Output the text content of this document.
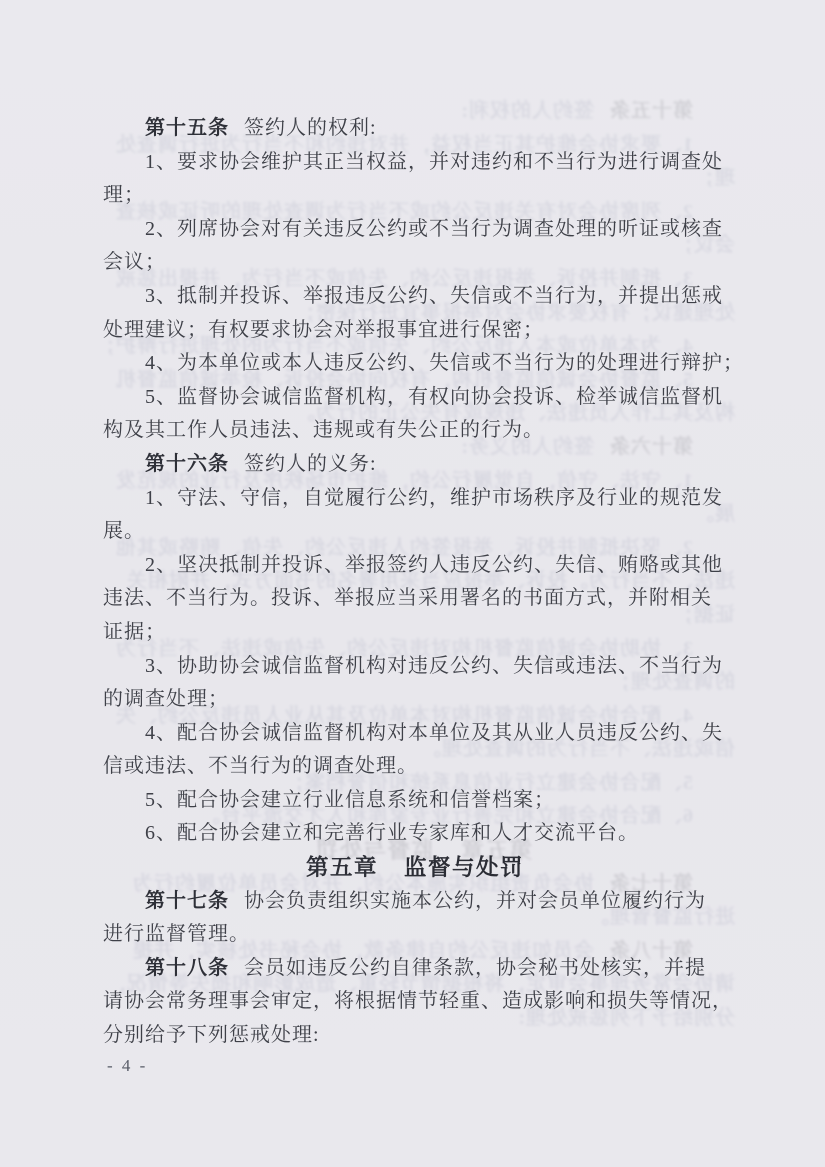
第十五条签约人的权利:
1、要求协会维护其正当权益，并对违约和不当行为进行调查处
理；
2、列席协会对有关违反公约或不当行为调查处理的听证或核查
会议；
3、抵制并投诉、举报违反公约、失信或不当行为，并提出惩戒
处理建议；有权要求协会对举报事宜进行保密；
4、为本单位或本人违反公约、失信或不当行为的处理进行辩护；
5、监督协会诚信监督机构，有权向协会投诉、检举诚信监督机
构及其工作人员违法、违规或有失公正的行为。
第十六条签约人的义务:
1、守法、守信，自觉履行公约，维护市场秩序及行业的规范发
展。
2、坚决抵制并投诉、举报签约人违反公约、失信、贿赂或其他
违法、不当行为。投诉、举报应当采用署名的书面方式，并附相关
证据；
3、协助协会诚信监督机构对违反公约、失信或违法、不当行为
的调查处理；
4、配合协会诚信监督机构对本单位及其从业人员违反公约、失
信或违法、不当行为的调查处理。
5、配合协会建立行业信息系统和信誉档案；
6、配合协会建立和完善行业专家库和人才交流平台。
第五章监督与处罚
第十七条协会负责组织实施本公约，并对会员单位履约行为
进行监督管理。
第十八条会员如违反公约自律条款，协会秘书处核实，并提
请协会常务理事会审定，将根据情节轻重、造成影响和损失等情况，
分别给予下列惩戒处理:
第十五条 签约人的权利:
1、要求协会维护其正当权益，并对违约和不当行为进行调查处
理；
2、列席协会对有关违反公约或不当行为调查处理的听证或核查
会议；
3、抵制并投诉、举报违反公约、失信或不当行为，并提出惩戒
处理建议；有权要求协会对举报事宜进行保密；
4、为本单位或本人违反公约、失信或不当行为的处理进行辩护；
5、监督协会诚信监督机构，有权向协会投诉、检举诚信监督机
构及其工作人员违法、违规或有失公正的行为。
第十六条 签约人的义务:
1、守法、守信，自觉履行公约，维护市场秩序及行业的规范发
展。
2、坚决抵制并投诉、举报签约人违反公约、失信、贿赂或其他
违法、不当行为。投诉、举报应当采用署名的书面方式，并附相关
证据；
3、协助协会诚信监督机构对违反公约、失信或违法、不当行为
的调查处理；
4、配合协会诚信监督机构对本单位及其从业人员违反公约、失
信或违法、不当行为的调查处理。
5、配合协会建立行业信息系统和信誉档案；
6、配合协会建立和完善行业专家库和人才交流平台。
第五章 监督与处罚
第十七条 协会负责组织实施本公约，并对会员单位履约行为
进行监督管理。
第十八条 会员如违反公约自律条款，协会秘书处核实，并提
请协会常务理事会审定，将根据情节轻重、造成影响和损失等情况，
分别给予下列惩戒处理:
- 4 -
